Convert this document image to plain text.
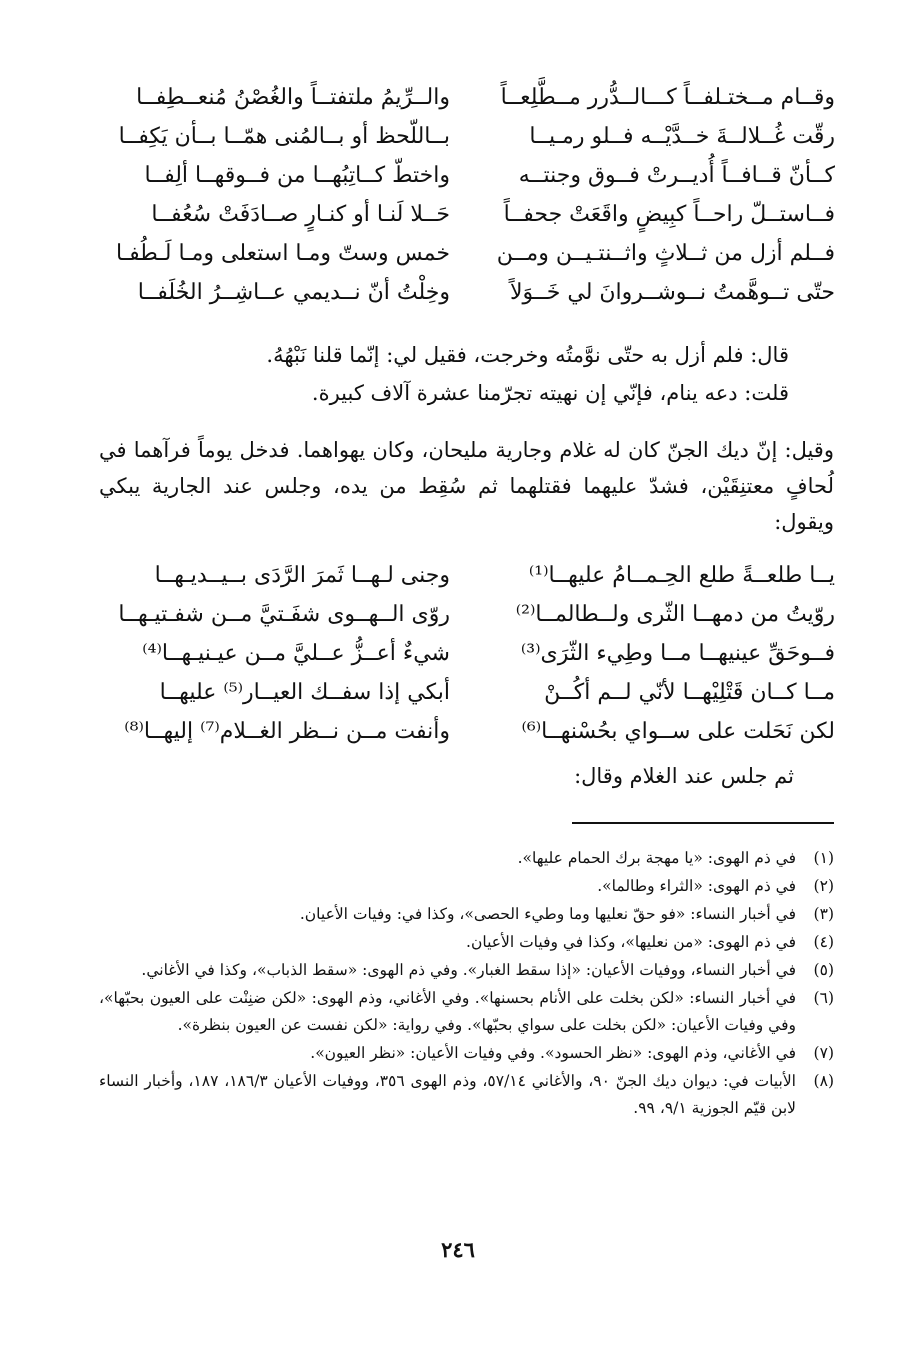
وقــام مــختـلفــاً كـــالــدُّرر مــطَّلِعــاً
والــرِّيمُ ملتفتــاً والغُصْنُ مُنعــطِفــا
رقّت غُــلالــةَ خــدَّيْــه فــلو رمـيــا
بــاللّحظ أو بــالمُنى همّــا بــأن يَكِفــا
كــأنّ قــافــاً أُديــرتْ فــوق وجنتــه
واختطّ كــاتِبُهــا من فــوقهــا ألِفــا
فــاستــلّ راحــاً كبِيضٍ واقَعَتْ جحفــاً
حَــلا لَنـا أو كنـارٍ صــادَفَتْ سُعُفــا
فــلم أزل من ثــلاثٍ واثــنتـيــن ومــن
خمس وستّ ومـا استعلى ومـا لَـطُفـا
حتّى تــوهَّمتُ نــوشــروانَ لي خَــوَلاً
وخِلْتُ أنّ نــديمي عــاشِــرُ الخُلَفــا
قال: فلم أزل به حتّى نوَّمتُه وخرجت، فقيل لي: إنّما قلنا نَبْهُهُ.
قلت: دعه ينام، فإنّي إن نهيته تجرّمنا عشرة آلاف كبيرة.
وقيل: إنّ ديك الجنّ كان له غلام وجارية مليحان، وكان يهواهما. فدخل يوماً فرآهما في لُحافٍ معتنِقَيْن، فشدّ عليهما فقتلهما ثم سُقِط من يده، وجلس عند الجارية يبكي ويقول:
يــا طلعــةً طلع الحِـمــامُ عليهــا⁽¹⁾
وجنى لـهــا ثَمرَ الرَّدَى بــيــديـهــا
روّيتُ من دمهــا الثّرى ولــطالمــا⁽²⁾
روّى الــهــوى شفَـتيَّ مــن شفـتيـهــا
فــوحَقِّ عينيهــا مــا وطِيء الثّرَى⁽³⁾
شيءٌ أعــزُّ عــليَّ مــن عيـنيـهــا⁽⁴⁾
مــا كــان قَتْلِيْهــا لأنّي لــم أكُــنْ
أبكي إذا سفــك العيــار⁽⁵⁾ عليهــا
لكن نَحَلت على ســواي بحُسْنهــا⁽⁶⁾
وأنفت مــن نــظر الغــلام⁽⁷⁾ إليهــا⁽⁸⁾
ثم جلس عند الغلام وقال:
(١)
في ذم الهوى: «يا مهجة برك الحمام عليها».
(٢)
في ذم الهوى: «الثراء وطالما».
(٣)
في أخبار النساء: «فو حقّ نعليها وما وطيء الحصى»، وكذا في: وفيات الأعيان.
(٤)
في ذم الهوى: «من نعليها»، وكذا في وفيات الأعيان.
(٥)
في أخبار النساء، ووفيات الأعيان: «إذا سقط الغبار». وفي ذم الهوى: «سقط الذباب»، وكذا في الأغاني.
(٦)
في أخبار النساء: «لكن بخلت على الأنام بحسنها». وفي الأغاني، وذم الهوى: «لكن ضنِنْت على العيون بحبّها»، وفي وفيات الأعيان: «لكن بخلت على سواي بحبّها». وفي رواية: «لكن نفست عن العيون بنظرة».
(٧)
في الأغاني، وذم الهوى: «نظر الحسود». وفي وفيات الأعيان: «نظر العيون».
(٨)
الأبيات في: ديوان ديك الجنّ ٩٠، والأغاني ٥٧/١٤، وذم الهوى ٣٥٦، ووفيات الأعيان ١٨٦/٣، ١٨٧، وأخبار النساء لابن قيّم الجوزية ٩/١، ٩٩.
٢٤٦
